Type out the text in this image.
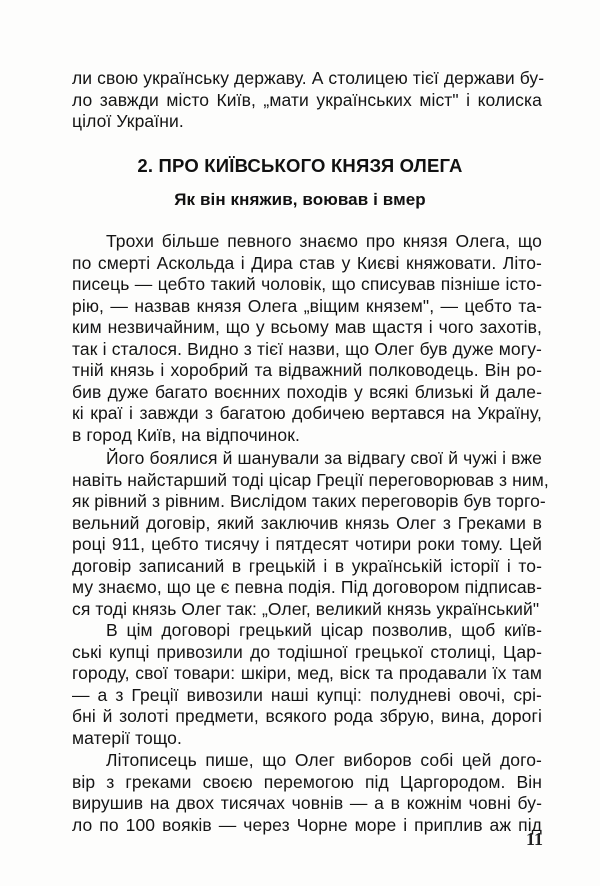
ли свою українську державу. А столицею тієї держави бу-
ло завжди місто Київ, „мати українських міст" і колиска
цілої України.
2. ПРО КИЇВСЬКОГО КНЯЗЯ ОЛЕГА
Як він княжив, воював і вмер
Трохи більше певного знаємо про князя Олега, що
по смерті Аскольда і Дира став у Києві княжовати. Літо-
писець — цебто такий чоловік, що списував пізніше істо-
рію, — назвав князя Олега „віщим князем", — цебто та-
ким незвичайним, що у всьому мав щастя і чого захотів,
так і сталося. Видно з тієї назви, що Олег був дуже могу-
тній князь і хоробрий та відважний полководець. Він ро-
бив дуже багато воєнних походів у всякі близькі й дале-
кі краї і завжди з багатою добичею вертався на Україну,
в город Київ, на відпочинок.
Його боялися й шанували за відвагу свої й чужі і вже
навіть найстарший тоді цісар Греції переговорював з ним,
як рівний з рівним. Вислідом таких переговорів був торго-
вельний договір, який заключив князь Олег з Греками в
році 911, цебто тисячу і пятдесят чотири роки тому. Цей
договір записаний в грецькій і в українській історії і то-
му знаємо, що це є певна подія. Під договором підписав-
ся тоді князь Олег так: „Олег, великий князь український"
В цім договорі грецький цісар позволив, щоб київ-
ські купці привозили до тодішної грецької столиці, Цар-
городу, свої товари: шкіри, мед, віск та продавали їх там
— а з Греції вивозили наші купці: полудневі овочі, срі-
бні й золоті предмети, всякого рода збрую, вина, дорогі
матерії тощо.
Літописець пише, що Олег виборов собі цей дого-
вір з греками своєю перемогою під Царгородом. Він
вирушив на двох тисячах човнів — а в кожнім човні бу-
ло по 100 вояків — через Чорне море і приплив аж під
11
